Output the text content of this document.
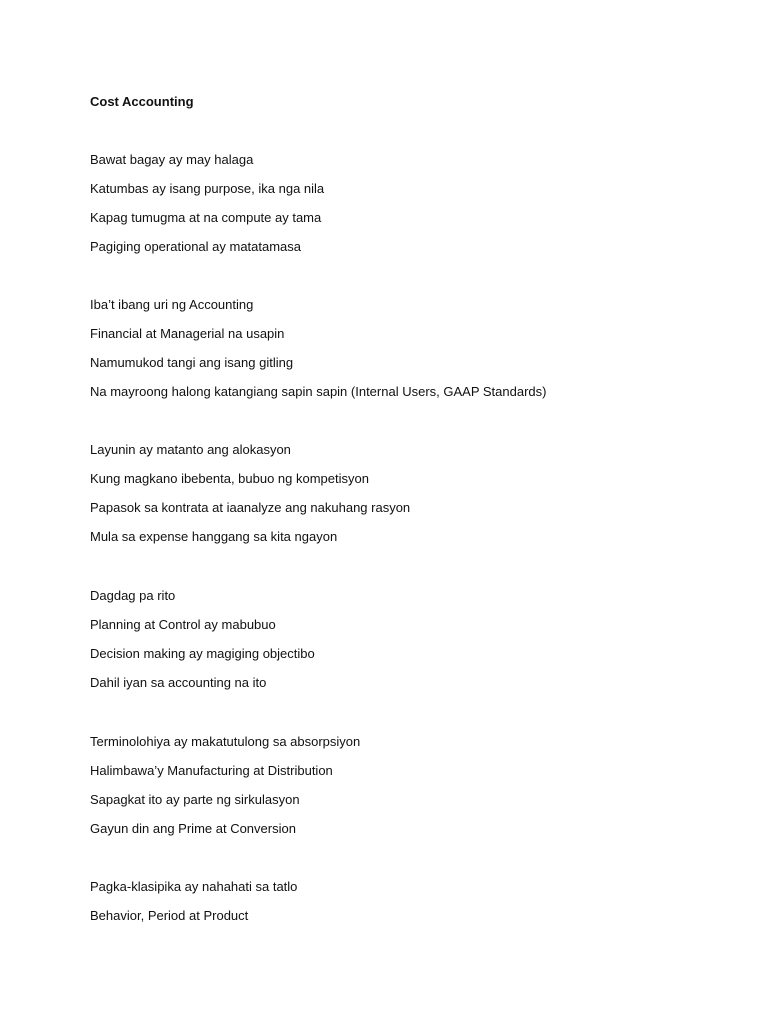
Cost Accounting
Bawat bagay ay may halaga
Katumbas ay isang purpose, ika nga nila
Kapag tumugma at na compute ay tama
Pagiging operational ay matatamasa
Iba’t ibang uri ng Accounting
Financial at Managerial na usapin
Namumukod tangi ang isang gitling
Na mayroong halong katangiang sapin sapin (Internal Users, GAAP Standards)
Layunin ay matanto ang alokasyon
Kung magkano ibebenta, bubuo ng kompetisyon
Papasok sa kontrata at iaanalyze ang nakuhang rasyon
Mula sa expense hanggang sa kita ngayon
Dagdag pa rito
Planning at Control ay mabubuo
Decision making ay magiging objectibo
Dahil iyan sa accounting na ito
Terminolohiya ay makatutulong sa absorpsiyon
Halimbawa’y Manufacturing at Distribution
Sapagkat ito ay parte ng sirkulasyon
Gayun din ang Prime at Conversion
Pagka-klasipika ay nahahati sa tatlo
Behavior, Period at Product
